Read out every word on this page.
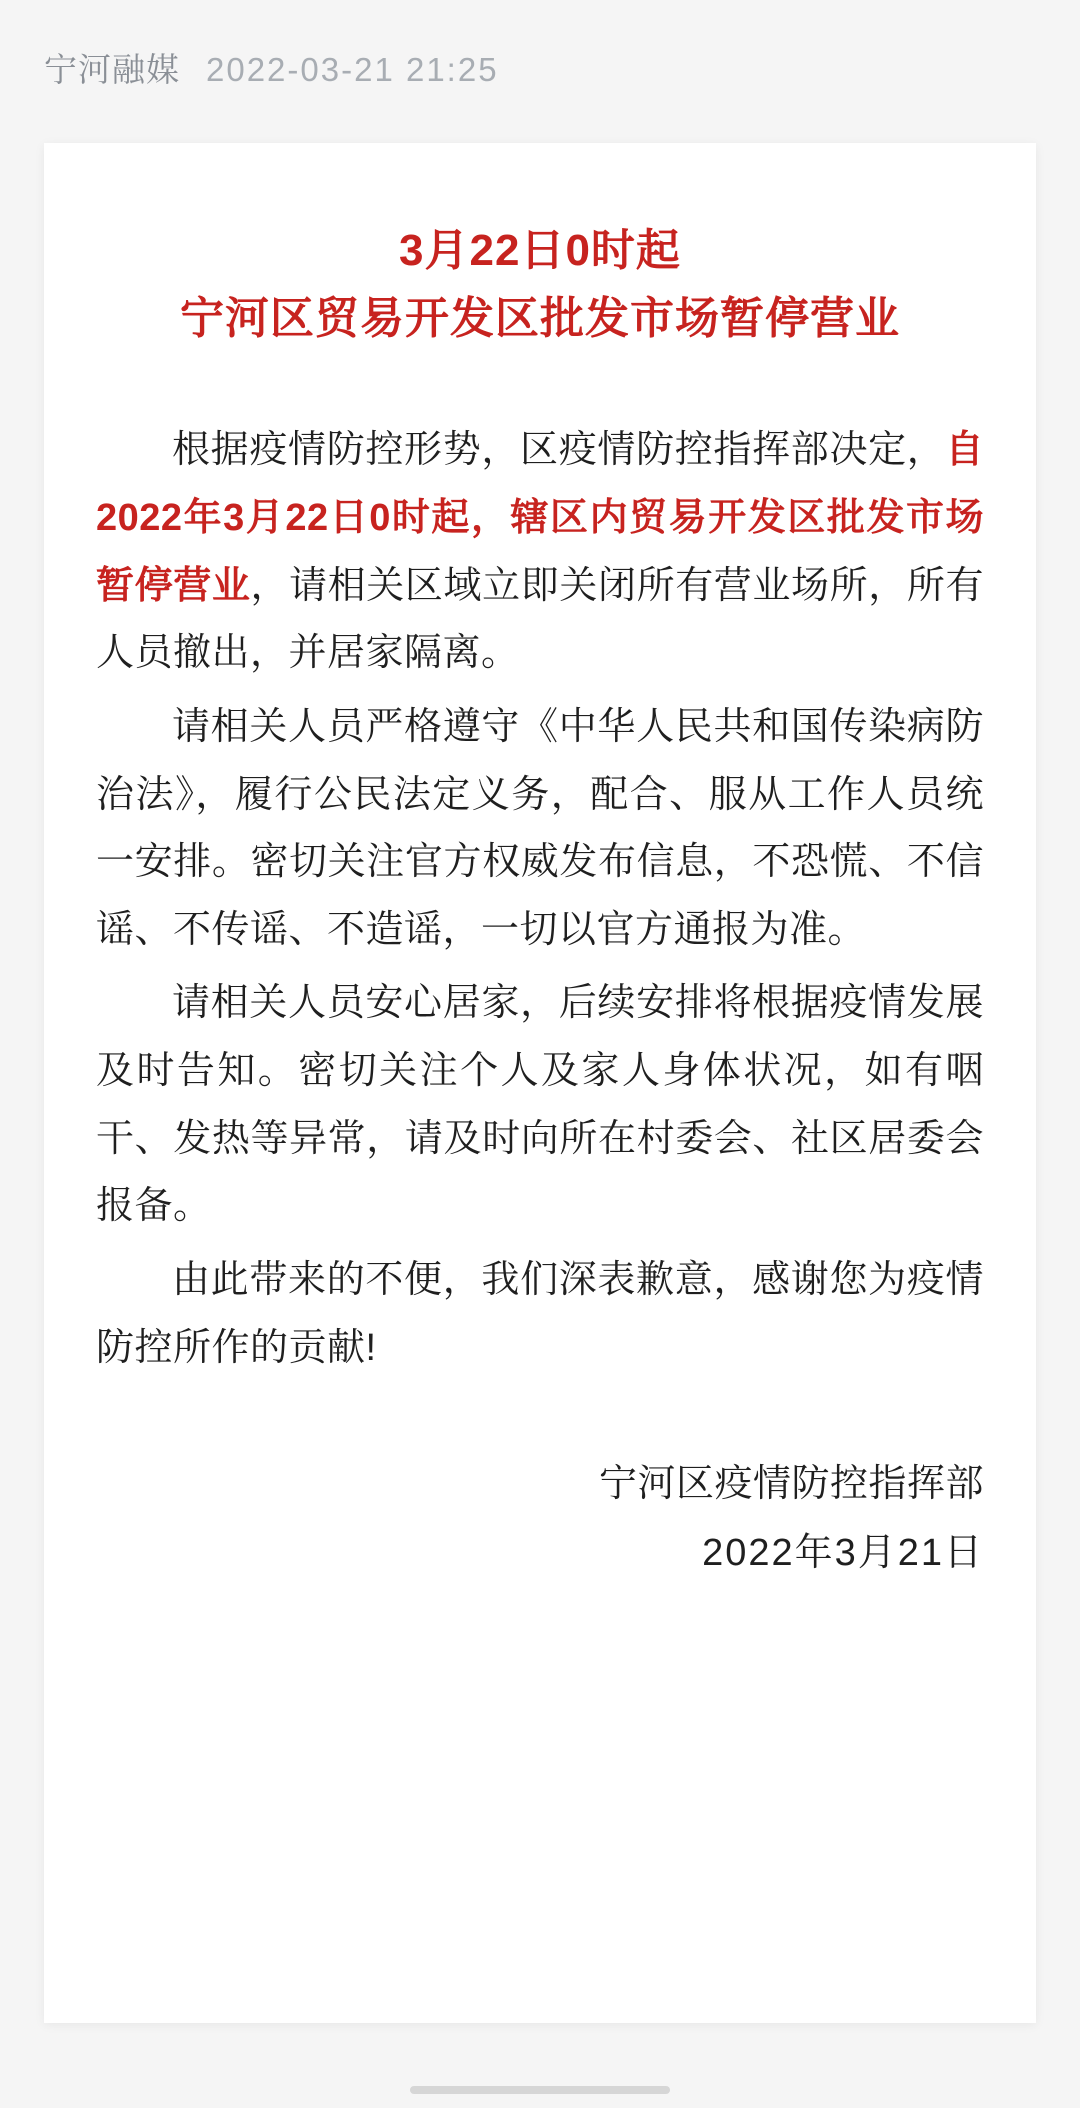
宁河融媒 2022-03-21 21:25
3月22日0时起
宁河区贸易开发区批发市场暂停营业

根据疫情防控形势，区疫情防控指挥部决定，自2022年3月22日0时起，辖区内贸易开发区批发市场暂停营业，请相关区域立即关闭所有营业场所，所有人员撤出，并居家隔离。

请相关人员严格遵守《中华人民共和国传染病防治法》，履行公民法定义务，配合、服从工作人员统一安排。密切关注官方权威发布信息，不恐慌、不信谣、不传谣、不造谣，一切以官方通报为准。

请相关人员安心居家，后续安排将根据疫情发展及时告知。密切关注个人及家人身体状况，如有咽干、发热等异常，请及时向所在村委会、社区居委会报备。

由此带来的不便，我们深表歉意，感谢您为疫情防控所作的贡献!

宁河区疫情防控指挥部
2022年3月21日
